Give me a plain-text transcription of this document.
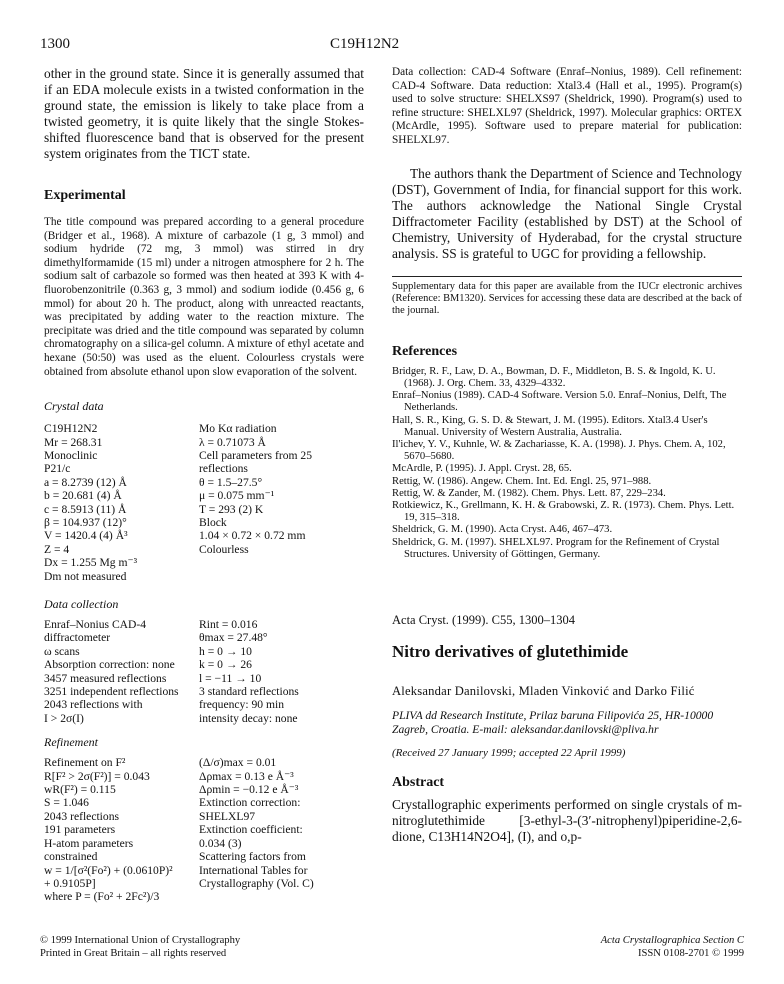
1300	C19H12N2

other in the ground state. Since it is generally assumed that if an EDA molecule exists in a twisted conformation in the ground state, the emission is likely to take place from a twisted geometry, it is quite likely that the single Stokes-shifted fluorescence band that is observed for the present system originates from the TICT state.

Experimental

The title compound was prepared according to a general procedure (Bridger et al., 1968). A mixture of carbazole (1 g, 3 mmol) and sodium hydride (72 mg, 3 mmol) was stirred in dry dimethylformamide (15 ml) under a nitrogen atmosphere for 2 h. The sodium salt of carbazole so formed was then heated at 393 K with 4-fluorobenzonitrile (0.363 g, 3 mmol) and sodium iodide (0.456 g, 6 mmol) for about 20 h. The product, along with unreacted reactants, was precipitated by adding water to the reaction mixture. The precipitate was dried and the title compound was separated by column chromatography on a silica-gel column. A mixture of ethyl acetate and hexane (50:50) was used as the eluent. Colourless crystals were obtained from absolute ethanol upon slow evaporation of the solvent.

Crystal data

C19H12N2	Mo Kα radiation
Mr = 268.31	λ = 0.71073 Å
Monoclinic	Cell parameters from 25
P21/c	reflections
a = 8.2739 (12) Å	θ = 1.5–27.5°
b = 20.681 (4) Å	μ = 0.075 mm⁻¹
c = 8.5913 (11) Å	T = 293 (2) K
β = 104.937 (12)°	Block
V = 1420.4 (4) Å³	1.04 × 0.72 × 0.72 mm
Z = 4	Colourless
Dx = 1.255 Mg m⁻³
Dm not measured

Data collection

Enraf–Nonius CAD-4	Rint = 0.016
diffractometer	θmax = 27.48°
ω scans	h = 0 → 10
Absorption correction: none	k = 0 → 26
3457 measured reflections	l = −11 → 10
3251 independent reflections	3 standard reflections
2043 reflections with	frequency: 90 min
I > 2σ(I)	intensity decay: none

Refinement

Refinement on F²	(Δ/σ)max = 0.01
R[F² > 2σ(F²)] = 0.043	Δρmax = 0.13 e Å⁻³
wR(F²) = 0.115	Δρmin = −0.12 e Å⁻³
S = 1.046	Extinction correction:
2043 reflections	SHELXL97
191 parameters	Extinction coefficient:
H-atom parameters	0.034 (3)
constrained	Scattering factors from
w = 1/[σ²(Fo²) + (0.0610P)²	International Tables for
+ 0.9105P]	Crystallography (Vol. C)
where P = (Fo² + 2Fc²)/3

Data collection: CAD-4 Software (Enraf–Nonius, 1989). Cell refinement: CAD-4 Software. Data reduction: Xtal3.4 (Hall et al., 1995). Program(s) used to solve structure: SHELXS97 (Sheldrick, 1990). Program(s) used to refine structure: SHELXL97 (Sheldrick, 1997). Molecular graphics: ORTEX (McArdle, 1995). Software used to prepare material for publication: SHELXL97.

The authors thank the Department of Science and Technology (DST), Government of India, for financial support for this work. The authors acknowledge the National Single Crystal Diffractometer Facility (established by DST) at the School of Chemistry, University of Hyderabad, for the crystal structure analysis. SS is grateful to UGC for providing a fellowship.

Supplementary data for this paper are available from the IUCr electronic archives (Reference: BM1320). Services for accessing these data are described at the back of the journal.

References

Bridger, R. F., Law, D. A., Bowman, D. F., Middleton, B. S. & Ingold, K. U. (1968). J. Org. Chem. 33, 4329–4332.

Enraf–Nonius (1989). CAD-4 Software. Version 5.0. Enraf–Nonius, Delft, The Netherlands.

Hall, S. R., King, G. S. D. & Stewart, J. M. (1995). Editors. Xtal3.4 User's Manual. University of Western Australia, Australia.

Il'ichev, Y. V., Kuhnle, W. & Zachariasse, K. A. (1998). J. Phys. Chem. A, 102, 5670–5680.

McArdle, P. (1995). J. Appl. Cryst. 28, 65.

Rettig, W. (1986). Angew. Chem. Int. Ed. Engl. 25, 971–988.

Rettig, W. & Zander, M. (1982). Chem. Phys. Lett. 87, 229–234.

Rotkiewicz, K., Grellmann, K. H. & Grabowski, Z. R. (1973). Chem. Phys. Lett. 19, 315–318.

Sheldrick, G. M. (1990). Acta Cryst. A46, 467–473.

Sheldrick, G. M. (1997). SHELXL97. Program for the Refinement of Crystal Structures. University of Göttingen, Germany.

Acta Cryst. (1999). C55, 1300–1304
Nitro derivatives of glutethimide
Aleksandar Danilovski, Mladen Vinković and Darko Filić
PLIVA dd Research Institute, Prilaz baruna Filipovića 25, HR-10000 Zagreb, Croatia. E-mail: aleksandar.danilovski@pliva.hr
(Received 27 January 1999; accepted 22 April 1999)

Abstract

Crystallographic experiments performed on single crystals of m-nitroglutethimide [3-ethyl-3-(3′-nitrophenyl)piperidine-2,6-dione, C13H14N2O4], (I), and o,p-

© 1999 International Union of Crystallography
Printed in Great Britain – all rights reserved
Acta Crystallographica Section C
ISSN 0108-2701 © 1999
